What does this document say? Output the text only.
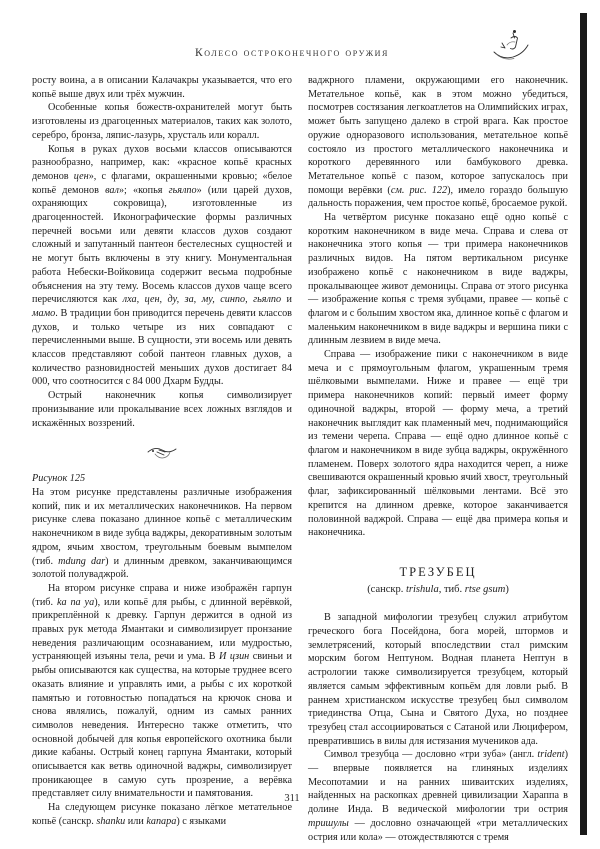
Колесо остроконечного оружия

росту воина, а в описании Калачакры указывается, что его копьё выше двух или трёх мужчин.

Особенные копья божеств-охранителей могут быть изготовлены из драгоценных материалов, таких как золото, серебро, бронза, ляпис-лазурь, хрусталь или коралл.

Копья в руках духов восьми классов описываются разнообразно, например, как: «красное копьё красных демонов цен», с флагами, окрашенными кровью; «белое копьё демонов вал»; «копья гьялпо» (или царей духов, охраняющих сокровища), изготовленные из драгоценностей. Иконографические формы различных перечней восьми или девяти классов духов создают сложный и запутанный пантеон бестелесных сущностей и не могут быть включены в эту книгу. Монументальная работа Небески-Войковица содержит весьма подробные объяснения на эту тему. Восемь классов духов чаще всего перечисляются как лха, цен, ду, за, му, синпо, гьялпо и мамо. В традиции бон приводится перечень девяти классов духов, и только четыре из них совпадают с перечисленными выше. В сущности, эти восемь или девять классов представляют собой пантеон главных духов, а количество разновидностей меньших духов достигает 84 000, что соотносится с 84 000 Дхарм Будды.

Острый наконечник копья символизирует пронизывание или прокалывание всех ложных взглядов и искажённых воззрений.

Рисунок 125

На этом рисунке представлены различные изображения копий, пик и их металлических наконечников. На первом рисунке слева показано длинное копьё с металлическим наконечником в виде зубца ваджры, декоративным золотым ядром, ячьим хвостом, треугольным боевым вымпелом (тиб. mdung dar) и длинным древком, заканчивающимся золотой полуваджрой.

На втором рисунке справа и ниже изображён гарпун (тиб. ka na ya), или копьё для рыбы, с длинной верёвкой, прикреплённой к древку. Гарпун держится в одной из правых рук метода Ямантаки и символизирует пронзание неведения различающим осознаванием, или мудростью, устраняющей изъяны тела, речи и ума. В И цзин свиньи и рыбы описываются как существа, на которые труднее всего оказать влияние и управлять ими, а рыбы с их короткой памятью и готовностью попадаться на крючок снова и снова являлись, пожалуй, одним из самых ранних символов неведения. Интересно также отметить, что основной добычей для копья европейского охотника были дикие кабаны. Острый конец гарпуна Ямантаки, который описывается как ветвь одиночной ваджры, символизирует проникающее в самую суть прозрение, а верёвка представляет силу внимательности и памятования.

На следующем рисунке показано лёгкое метательное копьё (санскр. shanku или kanapa) с языками

ваджрного пламени, окружающими его наконечник. Метательное копьё, как в этом можно убедиться, посмотрев состязания легкоатлетов на Олимпийских играх, может быть запущено далеко в строй врага. Как простое оружие одноразового использования, метательное копьё состояло из простого металлического наконечника и короткого деревянного или бамбукового древка. Метательное копьё с пазом, которое запускалось при помощи верёвки (см. рис. 122), имело гораздо большую дальность поражения, чем простое копьё, бросаемое рукой.

На четвёртом рисунке показано ещё одно копьё с коротким наконечником в виде меча. Справа и слева от наконечника этого копья — три примера наконечников различных видов. На пятом вертикальном рисунке изображено копьё с наконечником в виде ваджры, прокалывающее живот демоницы. Справа от этого рисунка — изображение копья с тремя зубцами, правее — копьё с флагом и с большим хвостом яка, длинное копьё с флагом и маленьким наконечником в виде ваджры и вершина пики с длинным лезвием в виде меча.

Справа — изображение пики с наконечником в виде меча и с прямоугольным флагом, украшенным тремя шёлковыми вымпелами. Ниже и правее — ещё три примера наконечников копий: первый имеет форму одиночной ваджры, второй — форму меча, а третий наконечник выглядит как пламенный меч, поднимающийся из темени черепа. Справа — ещё одно длинное копьё с флагом и наконечником в виде зубца ваджры, окружённого пламенем. Поверх золотого ядра находится череп, а ниже свешиваются окрашенный кровью ячий хвост, треугольный флаг, зафиксированный шёлковыми лентами. Всё это крепится на длинном древке, которое заканчивается половинной ваджрой. Справа — ещё два примера копья и наконечника.

ТРЕЗУБЕЦ
(санскр. trishula, тиб. rtse gsum)

В западной мифологии трезубец служил атрибутом греческого бога Посейдона, бога морей, штормов и землетрясений, который впоследствии стал римским морским богом Нептуном. Водная планета Нептун в астрологии также символизируется трезубцем, который является самым эффективным копьём для ловли рыб. В раннем христианском искусстве трезубец был символом триединства Отца, Сына и Святого Духа, но позднее трезубец стал ассоциироваться с Сатаной или Люцифером, превратившись в вилы для истязания мучеников ада.

Символ трезубца — дословно «три зуба» (англ. trident) — впервые появляется на глиняных изделиях Месопотамии и на ранних шиваитских изделиях, найденных на раскопках древней цивилизации Хараппа в долине Инда. В ведической мифологии три острия тришулы — дословно означающей «три металлических острия или кола» — отождествляются с тремя

311
